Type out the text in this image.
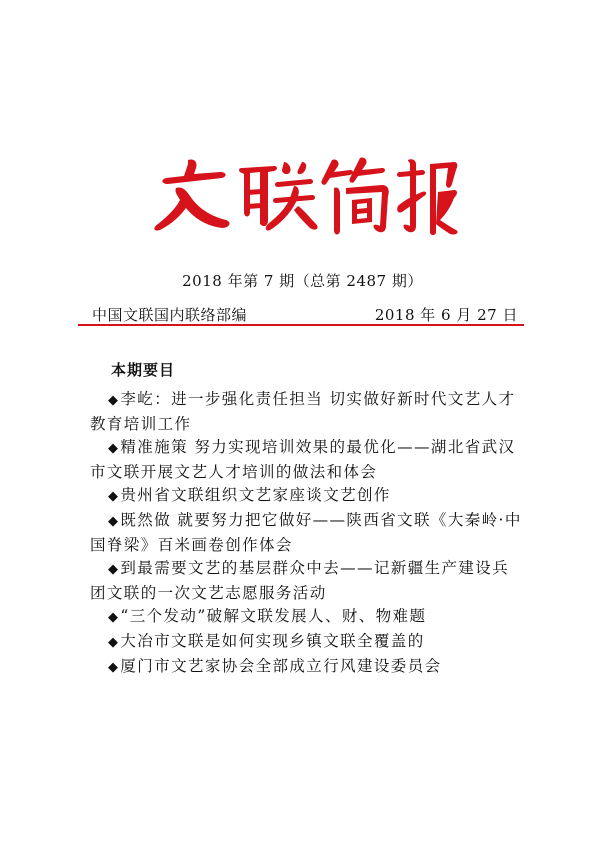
2018 年第 7 期（总第 2487 期）
中国文联国内联络部编	2018 年 6 月 27 日
本期要目
◆李屹：进一步强化责任担当 切实做好新时代文艺人才教育培训工作
◆精准施策 努力实现培训效果的最优化——湖北省武汉市文联开展文艺人才培训的做法和体会
◆贵州省文联组织文艺家座谈文艺创作
◆既然做 就要努力把它做好——陕西省文联《大秦岭·中国脊梁》百米画卷创作体会
◆到最需要文艺的基层群众中去——记新疆生产建设兵团文联的一次文艺志愿服务活动
◆“三个发动”破解文联发展人、财、物难题
◆大冶市文联是如何实现乡镇文联全覆盖的
◆厦门市文艺家协会全部成立行风建设委员会
